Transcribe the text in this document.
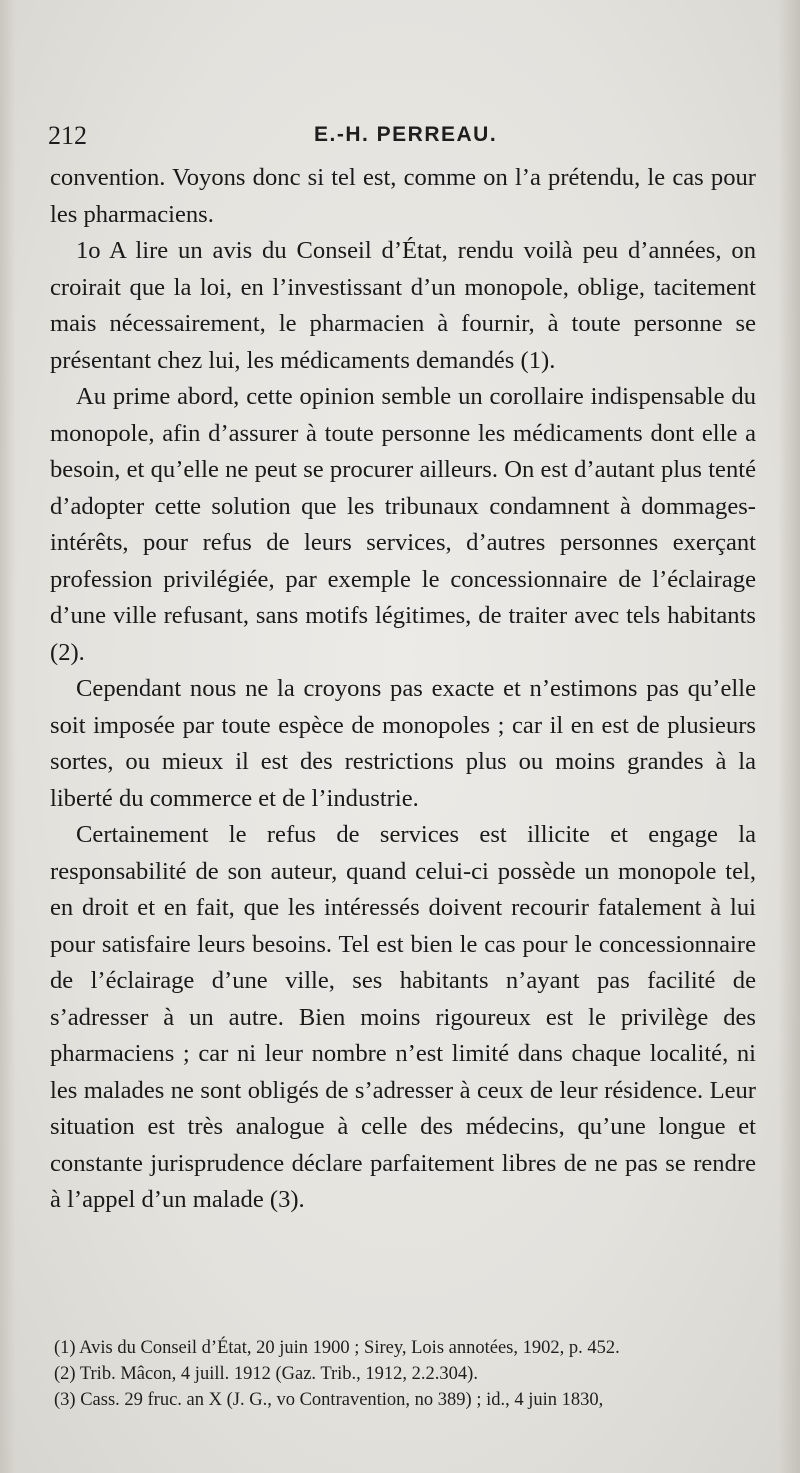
212	E.-H. PERREAU.

convention. Voyons donc si tel est, comme on l’a prétendu, le cas pour les pharmaciens.

1o A lire un avis du Conseil d’État, rendu voilà peu d’années, on croirait que la loi, en l’investissant d’un monopole, oblige, tacitement mais nécessairement, le pharmacien à fournir, à toute personne se présentant chez lui, les médicaments demandés (1).

Au prime abord, cette opinion semble un corollaire indispensable du monopole, afin d’assurer à toute personne les médicaments dont elle a besoin, et qu’elle ne peut se procurer ailleurs. On est d’autant plus tenté d’adopter cette solution que les tribunaux condamnent à dommages-intérêts, pour refus de leurs services, d’autres personnes exerçant profession privilégiée, par exemple le concessionnaire de l’éclairage d’une ville refusant, sans motifs légitimes, de traiter avec tels habitants (2).

Cependant nous ne la croyons pas exacte et n’estimons pas qu’elle soit imposée par toute espèce de monopoles ; car il en est de plusieurs sortes, ou mieux il est des restrictions plus ou moins grandes à la liberté du commerce et de l’industrie.

Certainement le refus de services est illicite et engage la responsabilité de son auteur, quand celui-ci possède un monopole tel, en droit et en fait, que les intéressés doivent recourir fatalement à lui pour satisfaire leurs besoins. Tel est bien le cas pour le concessionnaire de l’éclairage d’une ville, ses habitants n’ayant pas facilité de s’adresser à un autre. Bien moins rigoureux est le privilège des pharmaciens ; car ni leur nombre n’est limité dans chaque localité, ni les malades ne sont obligés de s’adresser à ceux de leur résidence. Leur situation est très analogue à celle des médecins, qu’une longue et constante jurisprudence déclare parfaitement libres de ne pas se rendre à l’appel d’un malade (3).

(1) Avis du Conseil d’État, 20 juin 1900 ; Sirey, Lois annotées, 1902, p. 452.

(2) Trib. Mâcon, 4 juill. 1912 (Gaz. Trib., 1912, 2.2.304).

(3) Cass. 29 fruc. an X (J. G., vo Contravention, no 389) ; id., 4 juin 1830,
